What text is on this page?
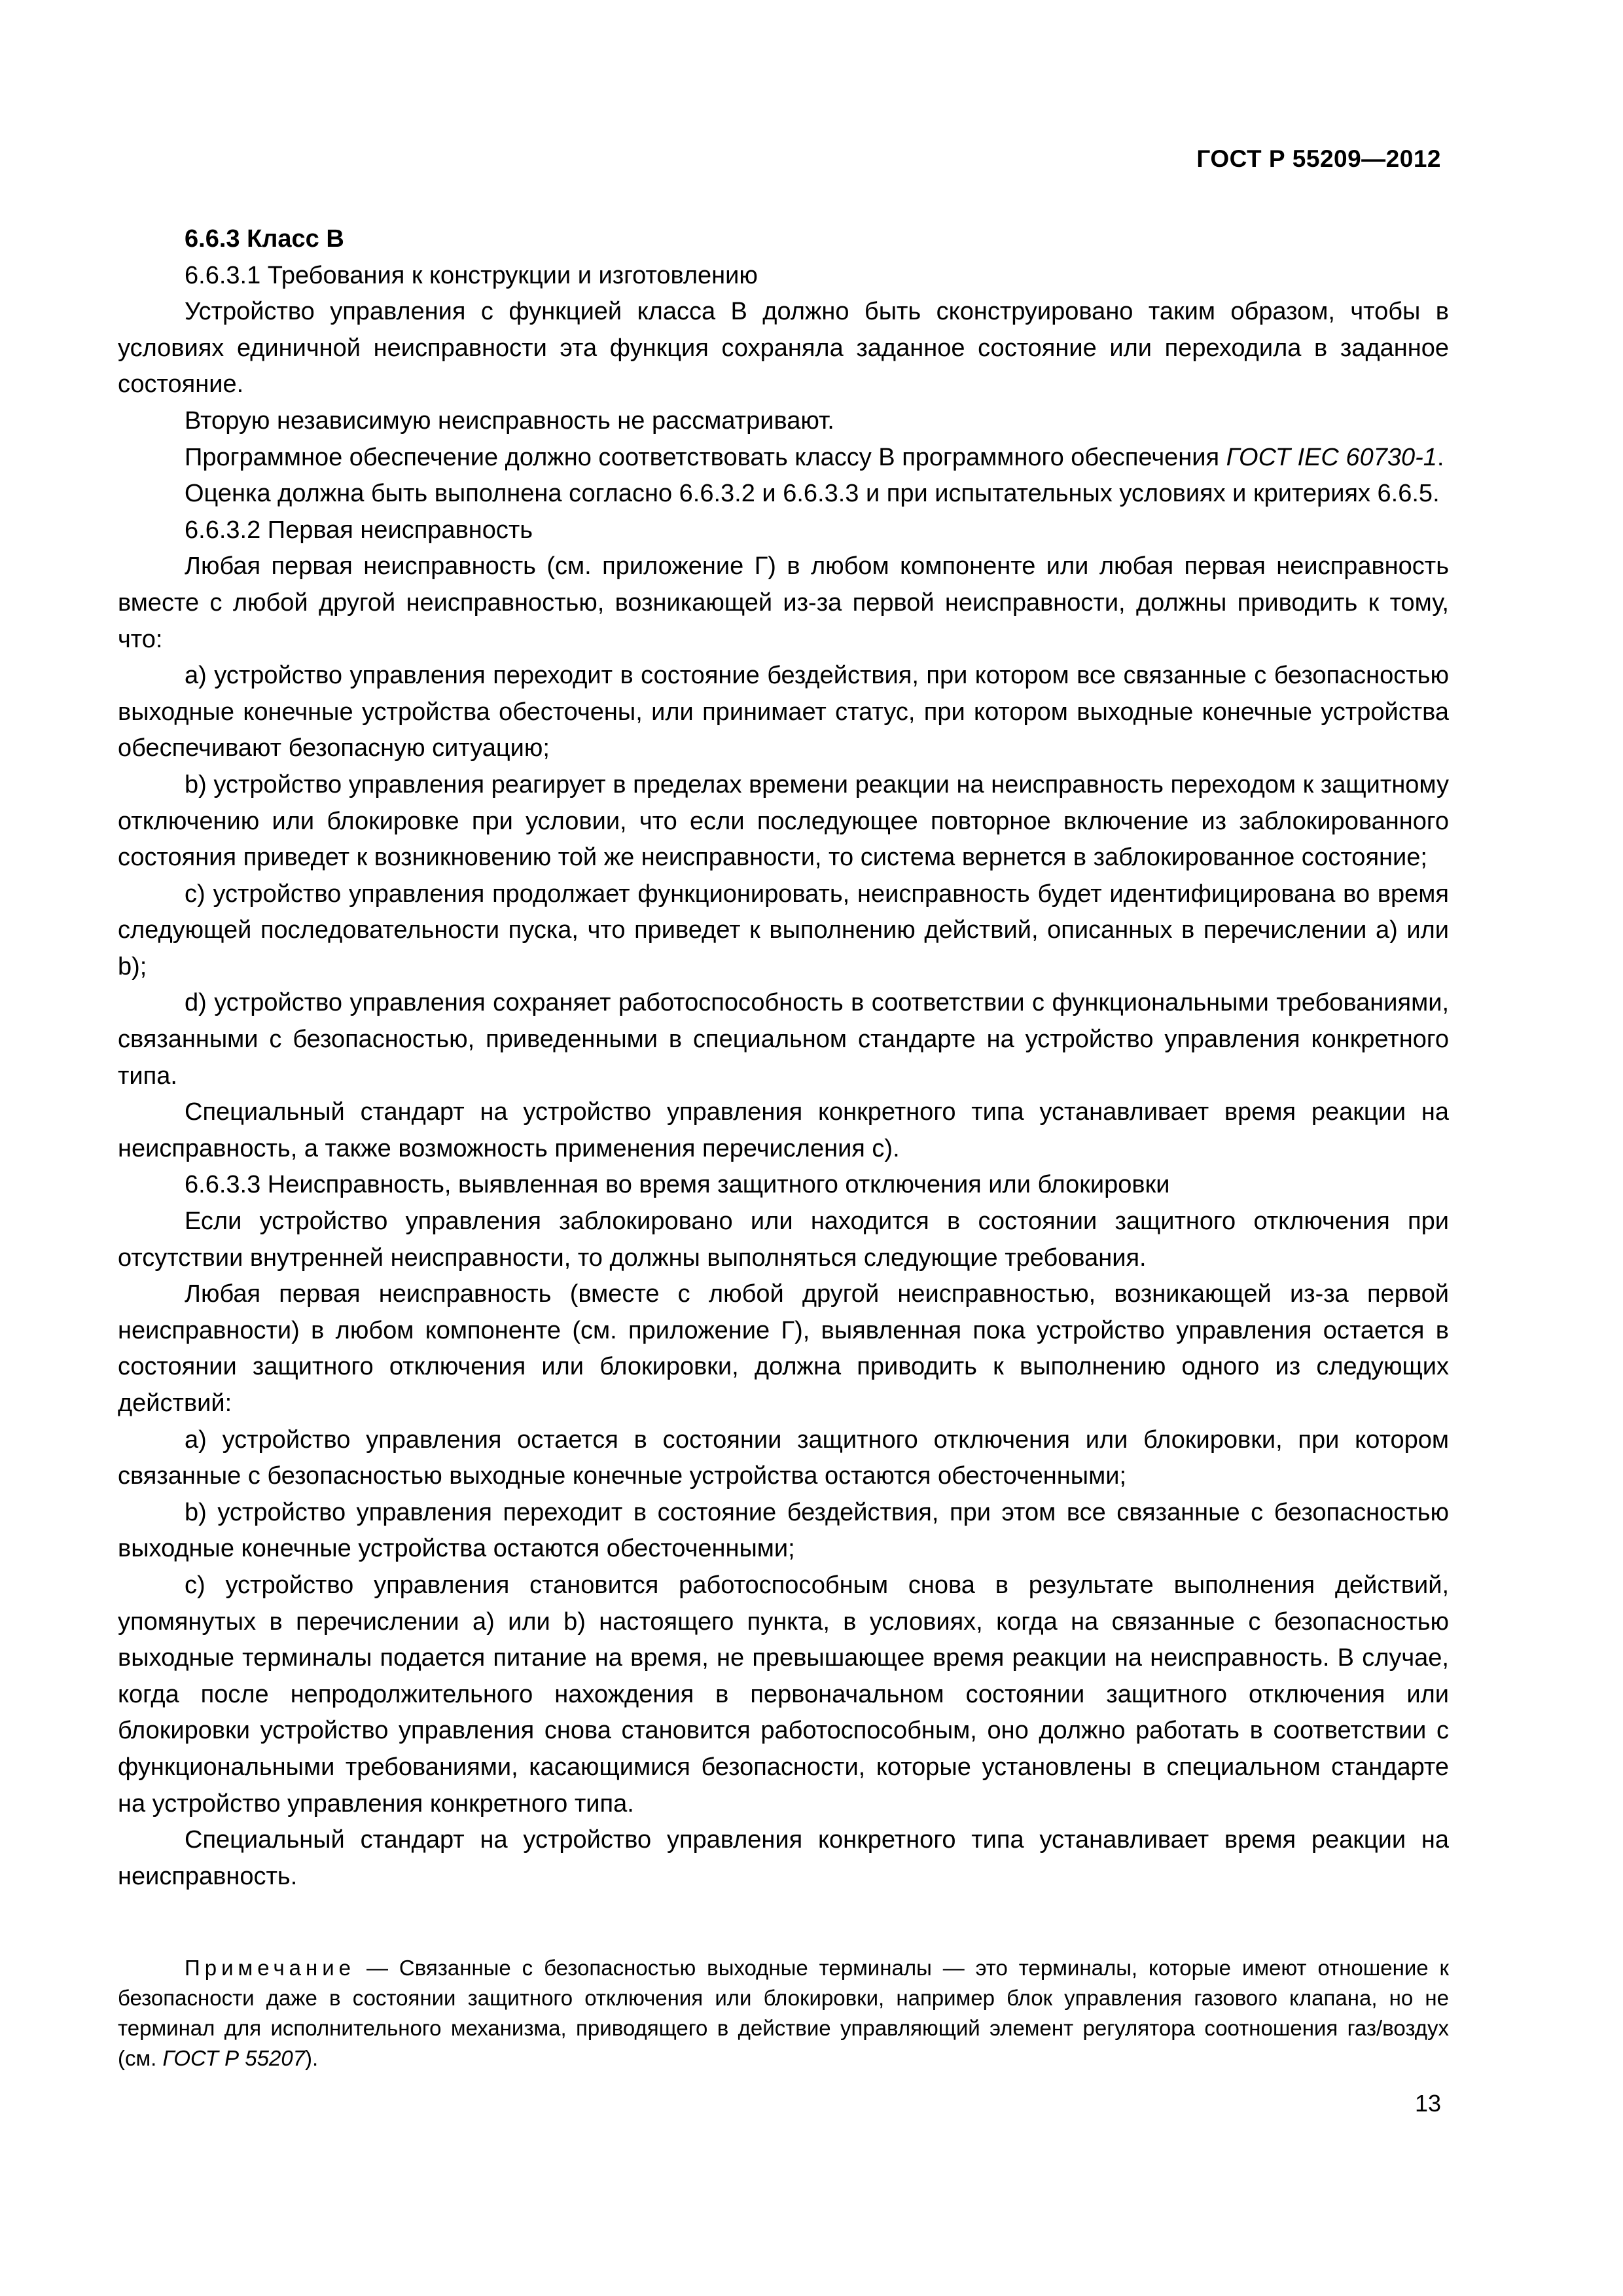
ГОСТ Р 55209—2012

6.6.3 Класс В

6.6.3.1 Требования к конструкции и изготовлению

Устройство управления с функцией класса В должно быть сконструировано таким образом, чтобы в условиях единичной неисправности эта функция сохраняла заданное состояние или переходила в заданное состояние.

Вторую независимую неисправность не рассматривают.

Программное обеспечение должно соответствовать классу В программного обеспечения ГОСТ IEC 60730-1.

Оценка должна быть выполнена согласно 6.6.3.2 и 6.6.3.3 и при испытательных условиях и критериях 6.6.5.

6.6.3.2 Первая неисправность

Любая первая неисправность (см. приложение Г) в любом компоненте или любая первая неисправность вместе с любой другой неисправностью, возникающей из-за первой неисправности, должны приводить к тому, что:

a) устройство управления переходит в состояние бездействия, при котором все связанные с безопасностью выходные конечные устройства обесточены, или принимает статус, при котором выходные конечные устройства обеспечивают безопасную ситуацию;

b) устройство управления реагирует в пределах времени реакции на неисправность переходом к защитному отключению или блокировке при условии, что если последующее повторное включение из заблокированного состояния приведет к возникновению той же неисправности, то система вернется в заблокированное состояние;

c) устройство управления продолжает функционировать, неисправность будет идентифицирована во время следующей последовательности пуска, что приведет к выполнению действий, описанных в перечислении a) или b);

d) устройство управления сохраняет работоспособность в соответствии с функциональными требованиями, связанными с безопасностью, приведенными в специальном стандарте на устройство управления конкретного типа.

Специальный стандарт на устройство управления конкретного типа устанавливает время реакции на неисправность, а также возможность применения перечисления c).

6.6.3.3 Неисправность, выявленная во время защитного отключения или блокировки

Если устройство управления заблокировано или находится в состоянии защитного отключения при отсутствии внутренней неисправности, то должны выполняться следующие требования.

Любая первая неисправность (вместе с любой другой неисправностью, возникающей из-за первой неисправности) в любом компоненте (см. приложение Г), выявленная пока устройство управления остается в состоянии защитного отключения или блокировки, должна приводить к выполнению одного из следующих действий:

a) устройство управления остается в состоянии защитного отключения или блокировки, при котором связанные с безопасностью выходные конечные устройства остаются обесточенными;

b) устройство управления переходит в состояние бездействия, при этом все связанные с безопасностью выходные конечные устройства остаются обесточенными;

c) устройство управления становится работоспособным снова в результате выполнения действий, упомянутых в перечислении a) или b) настоящего пункта, в условиях, когда на связанные с безопасностью выходные терминалы подается питание на время, не превышающее время реакции на неисправность. В случае, когда после непродолжительного нахождения в первоначальном состоянии защитного отключения или блокировки устройство управления снова становится работоспособным, оно должно работать в соответствии с функциональными требованиями, касающимися безопасности, которые установлены в специальном стандарте на устройство управления конкретного типа.

Специальный стандарт на устройство управления конкретного типа устанавливает время реакции на неисправность.

Примечание — Связанные с безопасностью выходные терминалы — это терминалы, которые имеют отношение к безопасности даже в состоянии защитного отключения или блокировки, например блок управления газового клапана, но не терминал для исполнительного механизма, приводящего в действие управляющий элемент регулятора соотношения газ/воздух (см. ГОСТ Р 55207).
13
